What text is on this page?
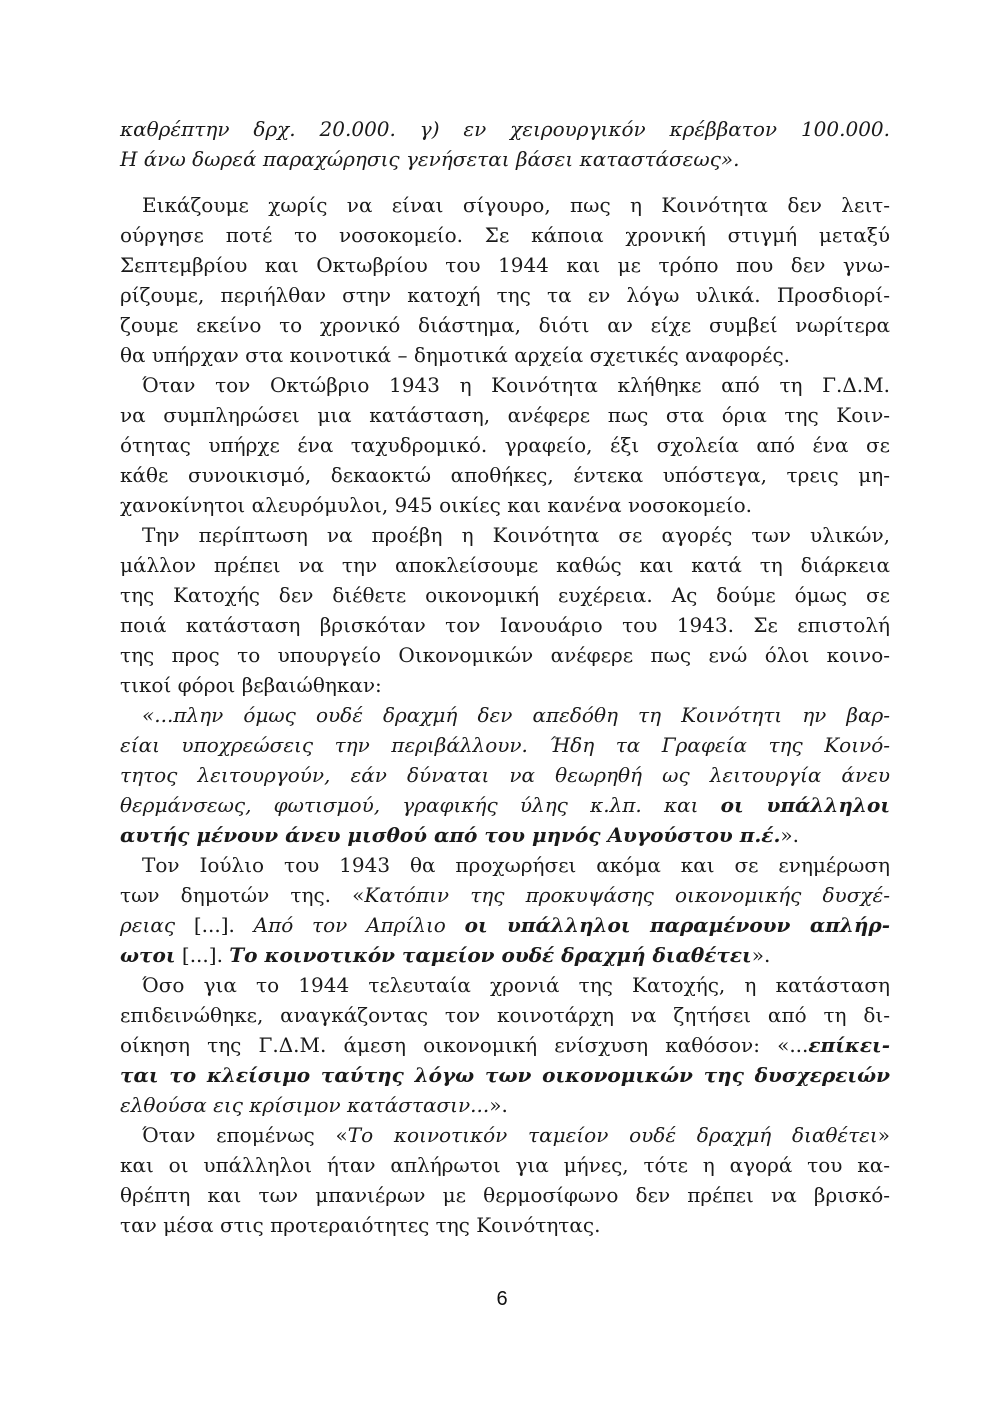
καθρέπτην δρχ. 20.000. γ) εν χειρουργικόν κρέββατον 100.000.
Η άνω δωρεά παραχώρησις γενήσεται βάσει καταστάσεως».
Εικάζουμε χωρίς να είναι σίγουρο, πως η Κοινότητα δεν λειτ-
ούργησε ποτέ το νοσοκομείο. Σε κάποια χρονική στιγμή μεταξύ
Σεπτεμβρίου και Οκτωβρίου του 1944 και με τρόπο που δεν γνω-
ρίζουμε, περιήλθαν στην κατοχή της τα εν λόγω υλικά. Προσδιορί-
ζουμε εκείνο το χρονικό διάστημα, διότι αν είχε συμβεί νωρίτερα
θα υπήρχαν στα κοινοτικά – δημοτικά αρχεία σχετικές αναφορές.
Όταν τον Οκτώβριο 1943 η Κοινότητα κλήθηκε από τη Γ.Δ.Μ.
να συμπληρώσει μια κατάσταση, ανέφερε πως στα όρια της Κοιν-
ότητας υπήρχε ένα ταχυδρομικό. γραφείο, έξι σχολεία από ένα σε
κάθε συνοικισμό, δεκαοκτώ αποθήκες, έντεκα υπόστεγα, τρεις μη-
χανοκίνητοι αλευρόμυλοι, 945 οικίες και κανένα νοσοκομείο.
Την περίπτωση να προέβη η Κοινότητα σε αγορές των υλικών,
μάλλον πρέπει να την αποκλείσουμε καθώς και κατά τη διάρκεια
της Κατοχής δεν διέθετε οικονομική ευχέρεια. Ας δούμε όμως σε
ποιά κατάσταση βρισκόταν τον Ιανουάριο του 1943. Σε επιστολή
της προς το υπουργείο Οικονομικών ανέφερε πως ενώ όλοι κοινο-
τικοί φόροι βεβαιώθηκαν:
«...πλην όμως ουδέ δραχμή δεν απεδόθη τη Κοινότητι ην βαρ-
είαι υποχρεώσεις την περιβάλλουν. Ήδη τα Γραφεία της Κοινό-
τητος λειτουργούν, εάν δύναται να θεωρηθή ως λειτουργία άνευ
θερμάνσεως, φωτισμού, γραφικής ύλης κ.λπ. και οι υπάλληλοι
αυτής μένουν άνευ μισθού από του μηνός Αυγούστου π.έ.».
Τον Ιούλιο του 1943 θα προχωρήσει ακόμα και σε ενημέρωση
των δημοτών της. «Κατόπιν της προκυψάσης οικονομικής δυσχέ-
ρειας [...]. Από τον Απρίλιο οι υπάλληλοι παραμένουν απλήρ-
ωτοι [...]. Το κοινοτικόν ταμείον ουδέ δραχμή διαθέτει».
Όσο για το 1944 τελευταία χρονιά της Κατοχής, η κατάσταση
επιδεινώθηκε, αναγκάζοντας τον κοινοτάρχη να ζητήσει από τη δι-
οίκηση της Γ.Δ.Μ. άμεση οικονομική ενίσχυση καθόσον: «...επίκει-
ται το κλείσιμο ταύτης λόγω των οικονομικών της δυσχερειών
ελθούσα εις κρίσιμον κατάστασιν...».
Όταν επομένως «Το κοινοτικόν ταμείον ουδέ δραχμή διαθέτει»
και οι υπάλληλοι ήταν απλήρωτοι για μήνες, τότε η αγορά του κα-
θρέπτη και των μπανιέρων με θερμοσίφωνο δεν πρέπει να βρισκό-
ταν μέσα στις προτεραιότητες της Κοινότητας.
6
